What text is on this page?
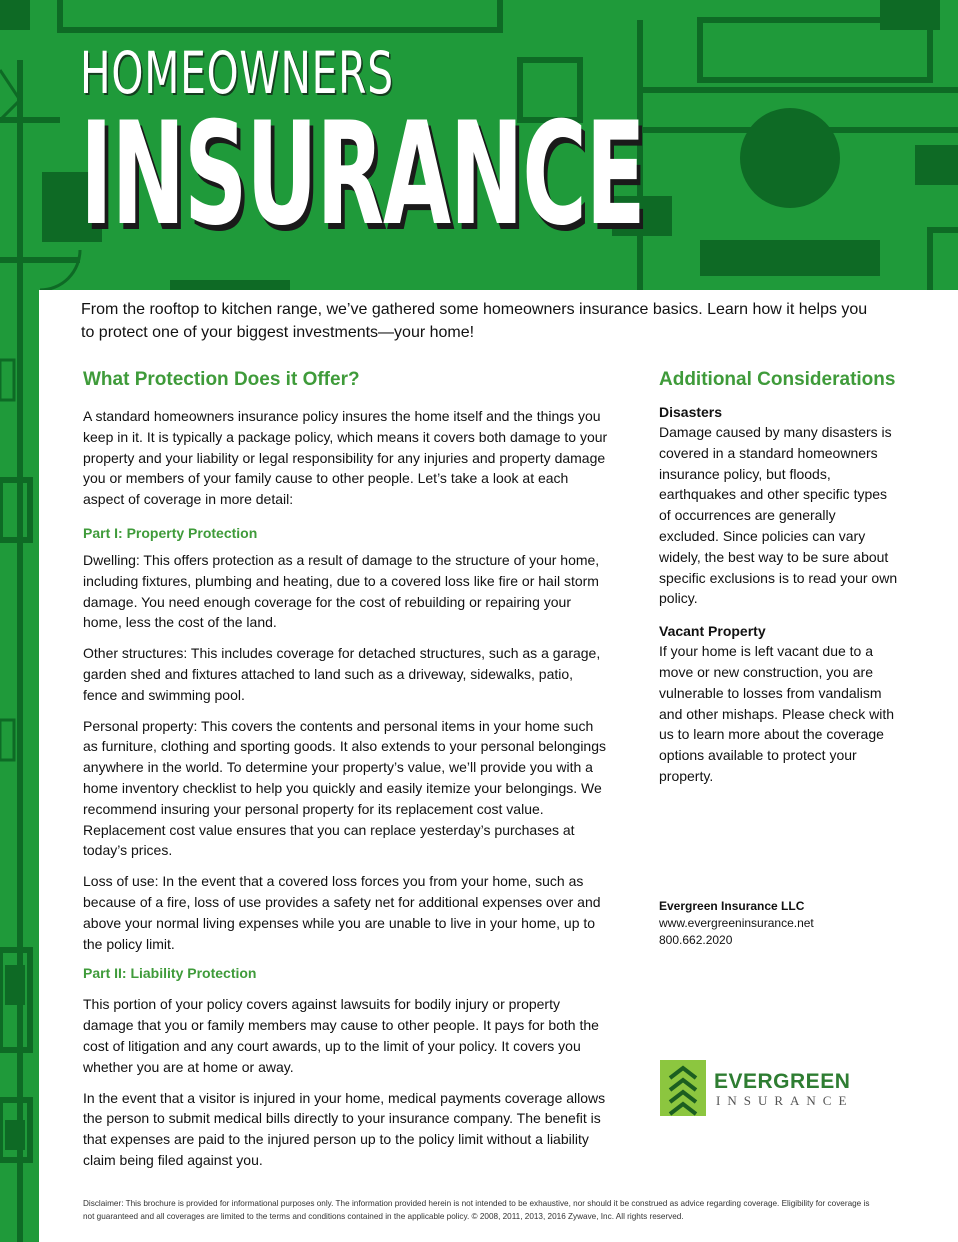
HOMEOWNERS
INSURANCE
From the rooftop to kitchen range, we’ve gathered some homeowners insurance basics. Learn how it helps you to protect one of your biggest investments—your home!
What Protection Does it Offer?

A standard homeowners insurance policy insures the home itself and the things you keep in it. It is typically a package policy, which means it covers both damage to your property and your liability or legal responsibility for any injuries and property damage you or members of your family cause to other people. Let’s take a look at each aspect of coverage in more detail:

Part I: Property Protection

Dwelling: This offers protection as a result of damage to the structure of your home, including fixtures, plumbing and heating, due to a covered loss like fire or hail storm damage. You need enough coverage for the cost of rebuilding or repairing your home, less the cost of the land.

Other structures: This includes coverage for detached structures, such as a garage, garden shed and fixtures attached to land such as a driveway, sidewalks, patio, fence and swimming pool.

Personal property: This covers the contents and personal items in your home such as furniture, clothing and sporting goods. It also extends to your personal belongings anywhere in the world. To determine your property’s value, we’ll provide you with a home inventory checklist to help you quickly and easily itemize your belongings. We recommend insuring your personal property for its replacement cost value. Replacement cost value ensures that you can replace yesterday’s purchases at today’s prices.

Loss of use: In the event that a covered loss forces you from your home, such as because of a fire, loss of use provides a safety net for additional expenses over and above your normal living expenses while you are unable to live in your home, up to the policy limit.

Part II: Liability Protection

This portion of your policy covers against lawsuits for bodily injury or property damage that you or family members may cause to other people. It pays for both the cost of litigation and any court awards, up to the limit of your policy. It covers you whether you are at home or away.

In the event that a visitor is injured in your home, medical payments coverage allows the person to submit medical bills directly to your insurance company. The benefit is that expenses are paid to the injured person up to the policy limit without a liability claim being filed against you.

Additional Considerations
Disasters

Damage caused by many disasters is covered in a standard homeowners insurance policy, but floods, earthquakes and other specific types of occurrences are generally excluded. Since policies can vary widely, the best way to be sure about specific exclusions is to read your own policy.

Vacant Property

If your home is left vacant due to a move or new construction, you are vulnerable to losses from vandalism and other mishaps. Please check with us to learn more about the coverage options available to protect your property.

Evergreen Insurance LLC
www.evergreeninsurance.net
800.662.2020
EVERGREEN
INSURANCE
Disclaimer: This brochure is provided for informational purposes only. The information provided herein is not intended to be exhaustive, nor should it be construed as advice regarding coverage. Eligibility for coverage is not guaranteed and all coverages are limited to the terms and conditions contained in the applicable policy. © 2008, 2011, 2013, 2016 Zywave, Inc. All rights reserved.
